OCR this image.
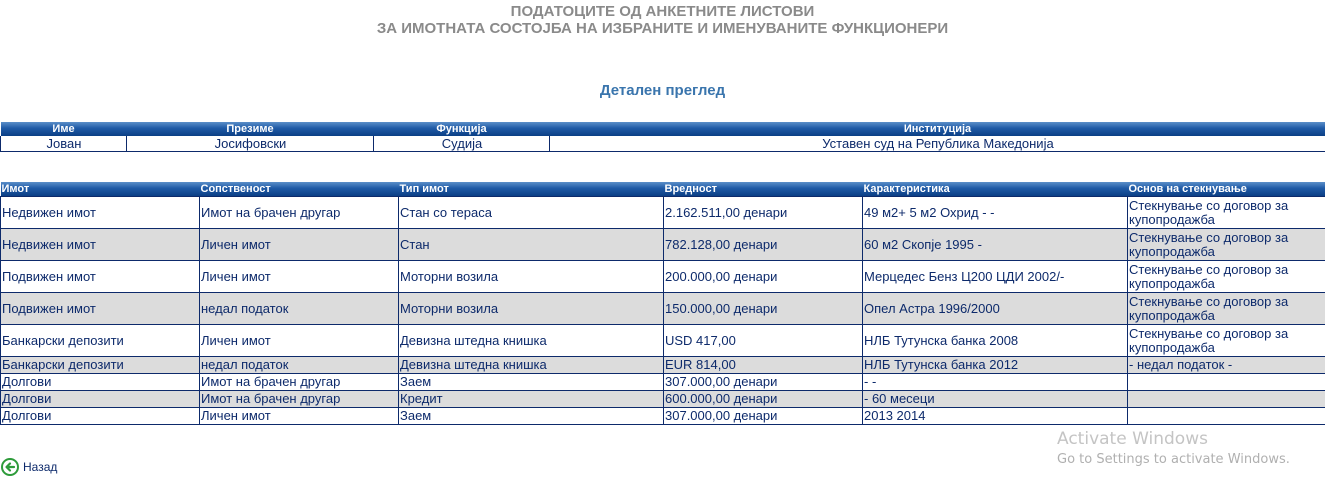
ПОДАТОЦИТЕ ОД АНКЕТНИТЕ ЛИСТОВИ
ЗА ИМОТНАТА СОСТОЈБА НА ИЗБРАНИТЕ И ИМЕНУВАНИТЕ ФУНКЦИОНЕРИ
Детален преглед
Име	Презиме	Функција	Институција
Јован	Јосифовски	Судија	Уставен суд на Република Македонија
Имот	Сопственост	Тип имот	Вредност	Карактеристика	Основ на стекнување
Недвижен имот	Имот на брачен другар	Стан со тераса	2.162.511,00 денари	49 м2+ 5 м2 Охрид - -	Стекнување со договор за купопродажба
Недвижен имот	Личен имот	Стан	782.128,00 денари	60 м2 Скопје 1995 -	Стекнување со договор за купопродажба
Подвижен имот	Личен имот	Моторни возила	200.000,00 денари	Мерцедес Бенз Ц200 ЦДИ 2002/-	Стекнување со договор за купопродажба
Подвижен имот	недал податок	Моторни возила	150.000,00 денари	Опел Астра 1996/2000	Стекнување со договор за купопродажба
Банкарски депозити	Личен имот	Девизна штедна книшка	USD 417,00	НЛБ Тутунска банка 2008	Стекнување со договор за купопродажба
Банкарски депозити	недал податок	Девизна штедна книшка	EUR 814,00	НЛБ Тутунска банка 2012	- недал податок -
Долгови	Имот на брачен другар	Заем	307.000,00 денари	- -	
Долгови	Имот на брачен другар	Кредит	600.000,00 денари	- 60 месеци	
Долгови	Личен имот	Заем	307.000,00 денари	2013 2014	
Назад
Activate Windows
Go to Settings to activate Windows.
